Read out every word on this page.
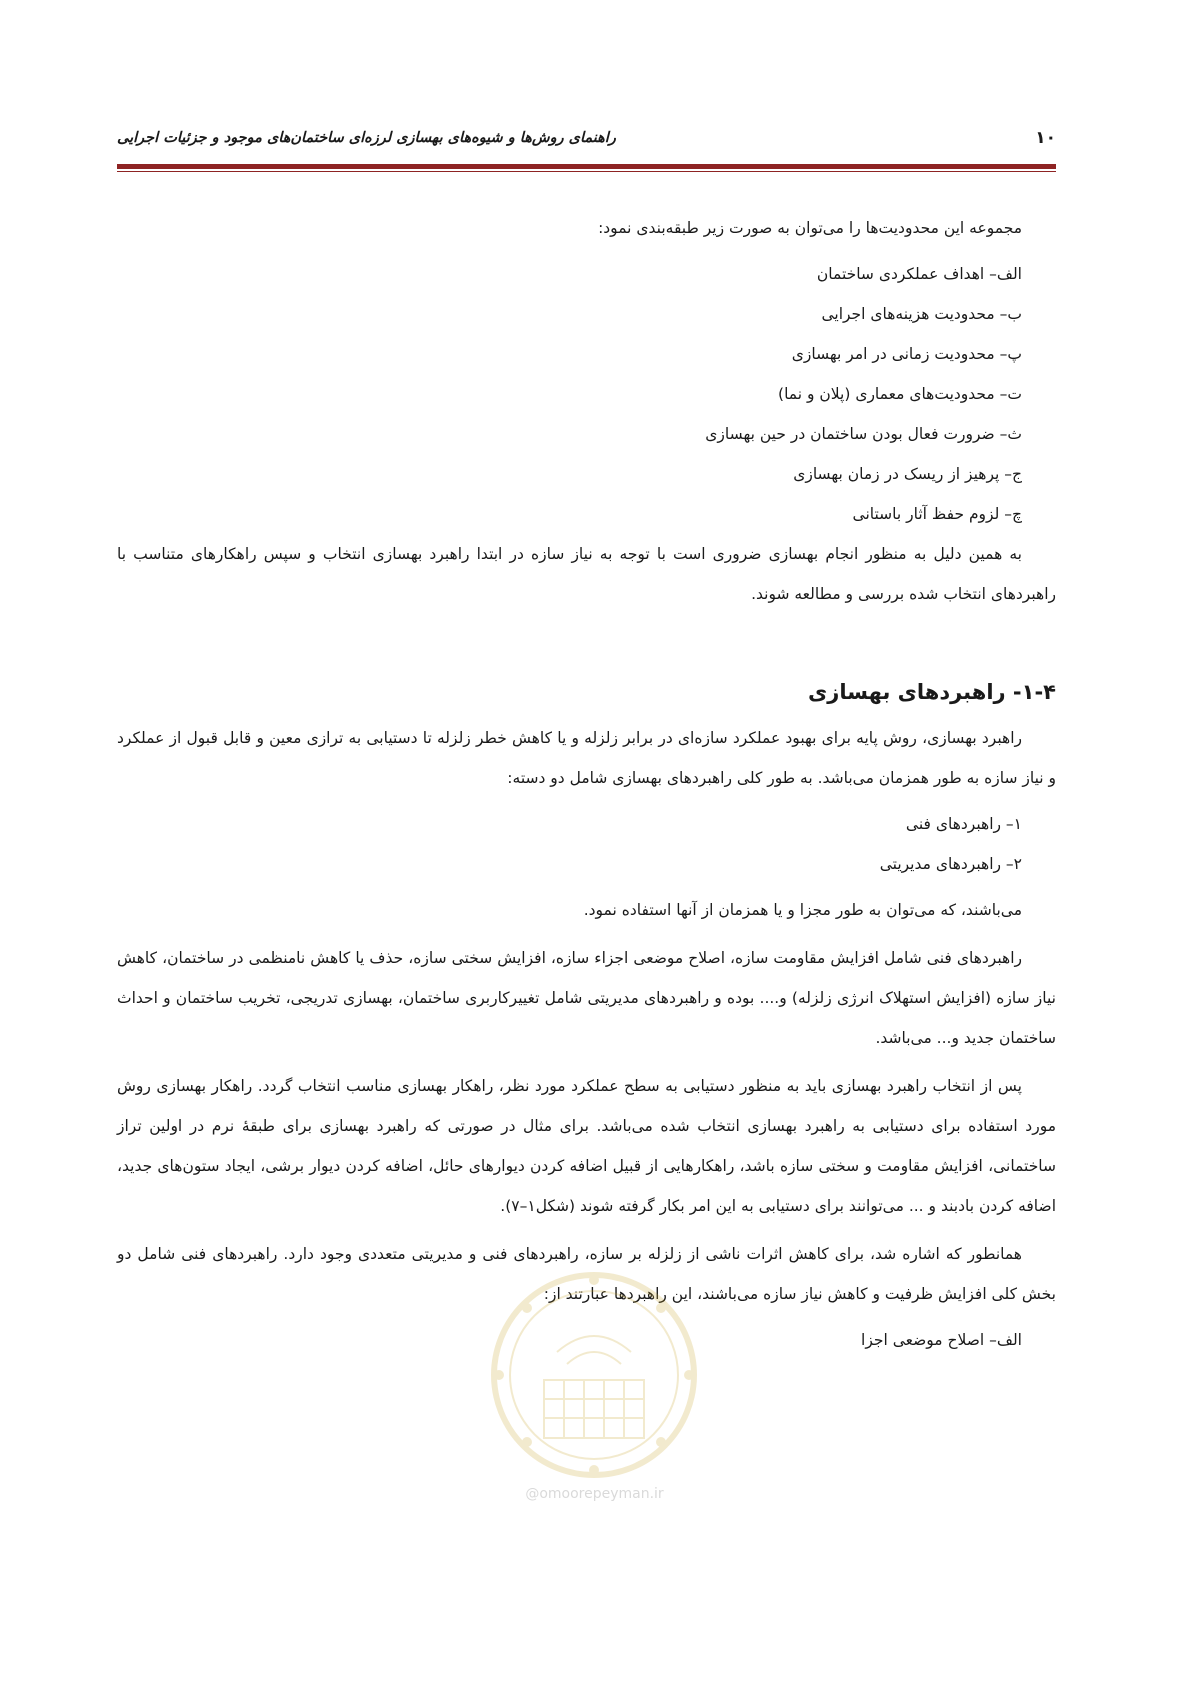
۱۰
راهنمای روش‌ها و شیوه‌های بهسازی لرزه‌ای ساختمان‌های موجود و جزئیات اجرایی

مجموعه این محدودیت‌ها را می‌توان به صورت زیر طبقه‌بندی نمود:

الف– اهداف عملکردی ساختمان
ب– محدودیت هزینه‌های اجرایی
پ– محدودیت زمانی در امر بهسازی
ت– محدودیت‌های معماری (پلان و نما)
ث– ضرورت فعال بودن ساختمان در حین بهسازی
ج– پرهیز از ریسک در زمان بهسازی
چ– لزوم حفظ آثار باستانی

به همین دلیل به منظور انجام بهسازی ضروری است با توجه به نیاز سازه در ابتدا راهبرد بهسازی انتخاب و سپس راهکارهای متناسب با راهبردهای انتخاب شده بررسی و مطالعه شوند.

۱-۴- راهبردهای بهسازی

راهبرد بهسازی، روش پایه برای بهبود عملکرد سازه‌ای در برابر زلزله و یا کاهش خطر زلزله تا دستیابی به ترازی معین و قابل قبول از عملکرد و نیاز سازه به طور همزمان می‌باشد. به طور کلی راهبردهای بهسازی شامل دو دسته:

۱– راهبردهای فنی
۲– راهبردهای مدیریتی

می‌باشند، که می‌توان به طور مجزا و یا همزمان از آنها استفاده نمود.

راهبردهای فنی شامل افزایش مقاومت سازه، اصلاح موضعی اجزاء سازه، افزایش سختی سازه، حذف یا کاهش نامنظمی در ساختمان، کاهش نیاز سازه (افزایش استهلاک انرژی زلزله) و.... بوده و راهبردهای مدیریتی شامل تغییرکاربری ساختمان، بهسازی تدریجی، تخریب ساختمان و احداث ساختمان جدید و... می‌باشد.

پس از انتخاب راهبرد بهسازی باید به منظور دستیابی به سطح عملکرد مورد نظر، راهکار بهسازی مناسب انتخاب گردد. راهکار بهسازی روش مورد استفاده برای دستیابی به راهبرد بهسازی انتخاب شده می‌باشد. برای مثال در صورتی که راهبرد بهسازی برای طبقهٔ نرم در اولین تراز ساختمانی، افزایش مقاومت و سختی سازه باشد، راهکارهایی از قبیل اضافه کردن دیوارهای حائل، اضافه کردن دیوار برشی، ایجاد ستون‌های جدید، اضافه کردن بادبند و ... می‌توانند برای دستیابی به این امر بکار گرفته شوند (شکل۱–۷).

همانطور که اشاره شد، برای کاهش اثرات ناشی از زلزله بر سازه، راهبردهای فنی و مدیریتی متعددی وجود دارد. راهبردهای فنی شامل دو بخش کلی افزایش ظرفیت و کاهش نیاز سازه می‌باشند، این راهبردها عبارتند از:

الف– اصلاح موضعی اجزا
@omoorepeyman.ir
